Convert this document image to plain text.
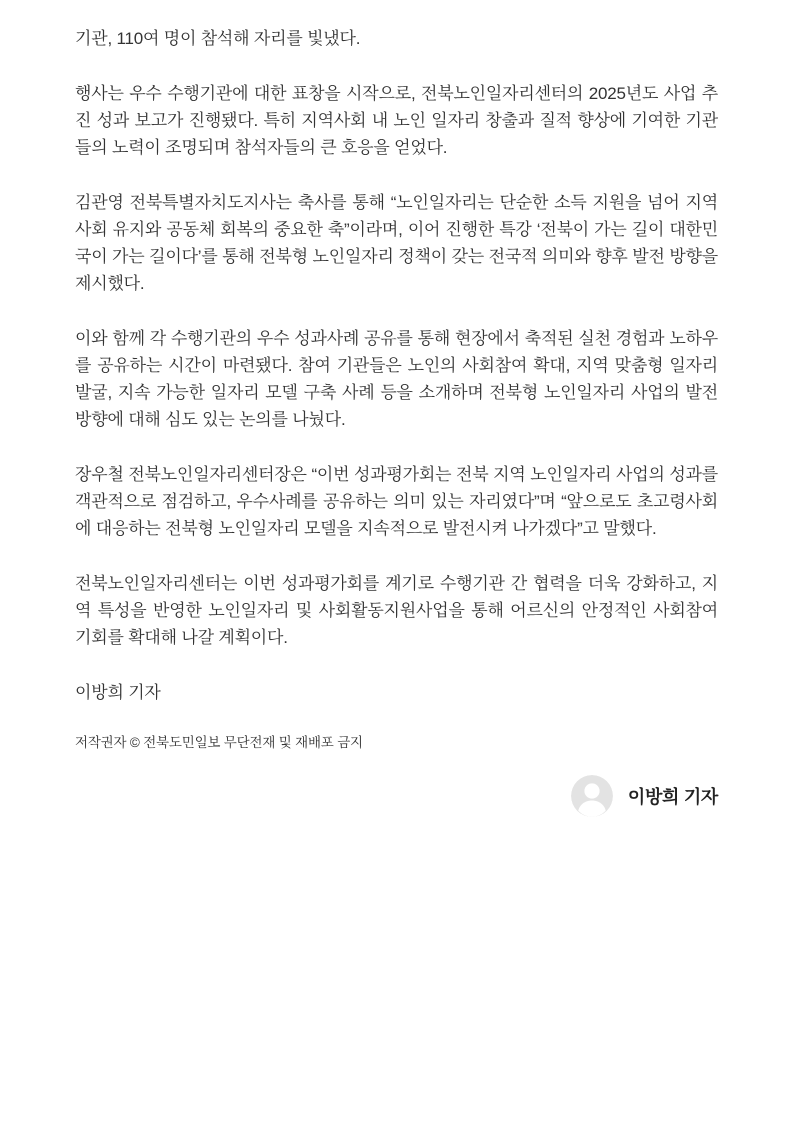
기관, 110여 명이 참석해 자리를 빛냈다.

행사는 우수 수행기관에 대한 표창을 시작으로, 전북노인일자리센터의 2025년도 사업 추진 성과 보고가 진행됐다. 특히 지역사회 내 노인 일자리 창출과 질적 향상에 기여한 기관들의 노력이 조명되며 참석자들의 큰 호응을 얻었다.

김관영 전북특별자치도지사는 축사를 통해 “노인일자리는 단순한 소득 지원을 넘어 지역사회 유지와 공동체 회복의 중요한 축”이라며, 이어 진행한 특강 ‘전북이 가는 길이 대한민국이 가는 길이다’를 통해 전북형 노인일자리 정책이 갖는 전국적 의미와 향후 발전 방향을 제시했다.

이와 함께 각 수행기관의 우수 성과사례 공유를 통해 현장에서 축적된 실천 경험과 노하우를 공유하는 시간이 마련됐다. 참여 기관들은 노인의 사회참여 확대, 지역 맞춤형 일자리 발굴, 지속 가능한 일자리 모델 구축 사례 등을 소개하며 전북형 노인일자리 사업의 발전 방향에 대해 심도 있는 논의를 나눴다.

장우철 전북노인일자리센터장은 “이번 성과평가회는 전북 지역 노인일자리 사업의 성과를 객관적으로 점검하고, 우수사례를 공유하는 의미 있는 자리였다”며 “앞으로도 초고령사회에 대응하는 전북형 노인일자리 모델을 지속적으로 발전시켜 나가겠다”고 말했다.

전북노인일자리센터는 이번 성과평가회를 계기로 수행기관 간 협력을 더욱 강화하고, 지역 특성을 반영한 노인일자리 및 사회활동지원사업을 통해 어르신의 안정적인 사회참여 기회를 확대해 나갈 계획이다.

이방희 기자

저작권자 © 전북도민일보 무단전재 및 재배포 금지

이방희 기자
